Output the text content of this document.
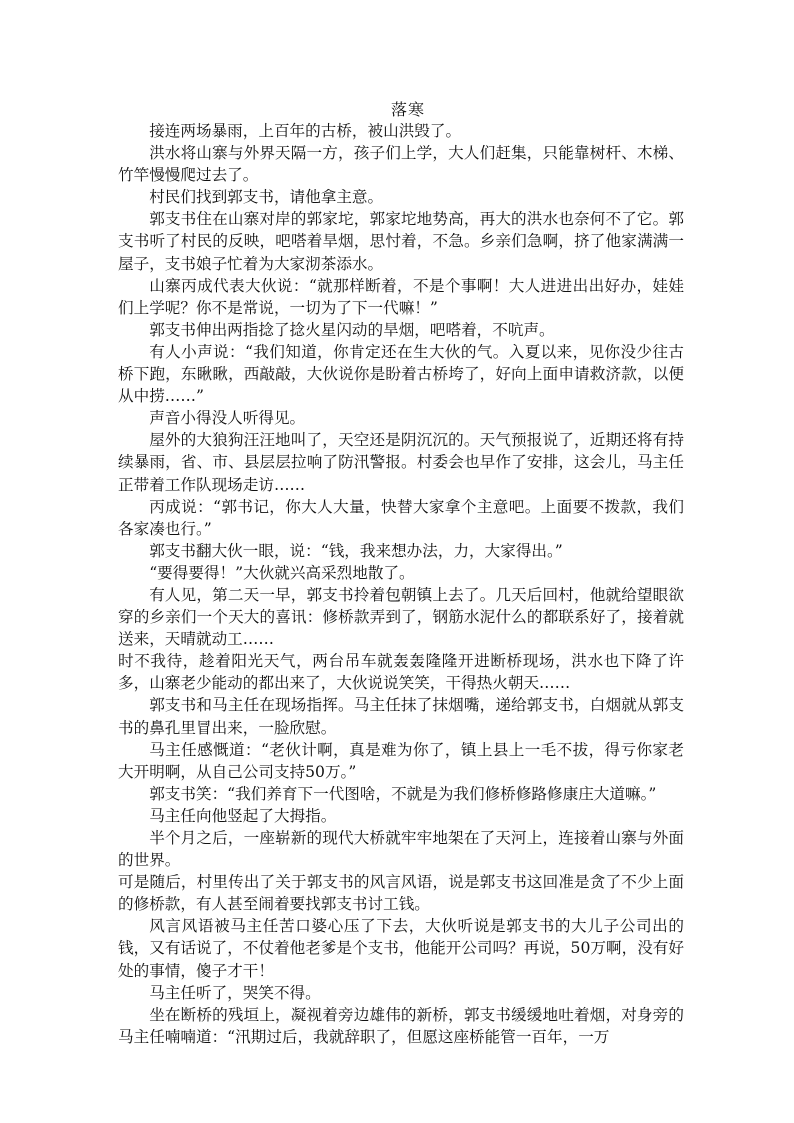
落寒

接连两场暴雨，上百年的古桥，被山洪毁了。

洪水将山寨与外界天隔一方，孩子们上学，大人们赶集，只能靠树杆、木梯、竹竿慢慢爬过去了。

村民们找到郭支书，请他拿主意。

郭支书住在山寨对岸的郭家坨，郭家坨地势高，再大的洪水也奈何不了它。郭支书听了村民的反映，吧嗒着旱烟，思忖着，不急。乡亲们急啊，挤了他家满满一屋子，支书娘子忙着为大家沏茶添水。

山寨丙成代表大伙说：“就那样断着，不是个事啊！大人进进出出好办，娃娃们上学呢？你不是常说，一切为了下一代嘛！”

郭支书伸出两指捻了捻火星闪动的旱烟，吧嗒着，不吭声。

有人小声说：“我们知道，你肯定还在生大伙的气。入夏以来，见你没少往古桥下跑，东瞅瞅，西敲敲，大伙说你是盼着古桥垮了，好向上面申请救济款，以便从中捞……”

声音小得没人听得见。

屋外的大狼狗汪汪地叫了，天空还是阴沉沉的。天气预报说了，近期还将有持续暴雨，省、市、县层层拉响了防汛警报。村委会也早作了安排，这会儿，马主任正带着工作队现场走访……

丙成说：“郭书记，你大人大量，快替大家拿个主意吧。上面要不拨款，我们各家凑也行。”

郭支书翻大伙一眼，说：“钱，我来想办法，力，大家得出。”

“要得要得！”大伙就兴高采烈地散了。

有人见，第二天一早，郭支书拎着包朝镇上去了。几天后回村，他就给望眼欲穿的乡亲们一个天大的喜讯：修桥款弄到了，钢筋水泥什么的都联系好了，接着就送来，天晴就动工……

时不我待，趁着阳光天气，两台吊车就轰轰隆隆开进断桥现场，洪水也下降了许多，山寨老少能动的都出来了，大伙说说笑笑，干得热火朝天……

郭支书和马主任在现场指挥。马主任抹了抹烟嘴，递给郭支书，白烟就从郭支书的鼻孔里冒出来，一脸欣慰。

马主任感慨道：“老伙计啊，真是难为你了，镇上县上一毛不拔，得亏你家老大开明啊，从自己公司支持50万。”

郭支书笑：“我们养育下一代图啥，不就是为我们修桥修路修康庄大道嘛。”

马主任向他竖起了大拇指。

半个月之后，一座崭新的现代大桥就牢牢地架在了天河上，连接着山寨与外面的世界。

可是随后，村里传出了关于郭支书的风言风语，说是郭支书这回准是贪了不少上面的修桥款，有人甚至闹着要找郭支书讨工钱。

风言风语被马主任苦口婆心压了下去，大伙听说是郭支书的大儿子公司出的钱，又有话说了，不仗着他老爹是个支书，他能开公司吗？再说，50万啊，没有好处的事情，傻子才干！

马主任听了，哭笑不得。

坐在断桥的残垣上，凝视着旁边雄伟的新桥，郭支书缓缓地吐着烟，对身旁的马主任喃喃道：“汛期过后，我就辞职了，但愿这座桥能管一百年，一万
